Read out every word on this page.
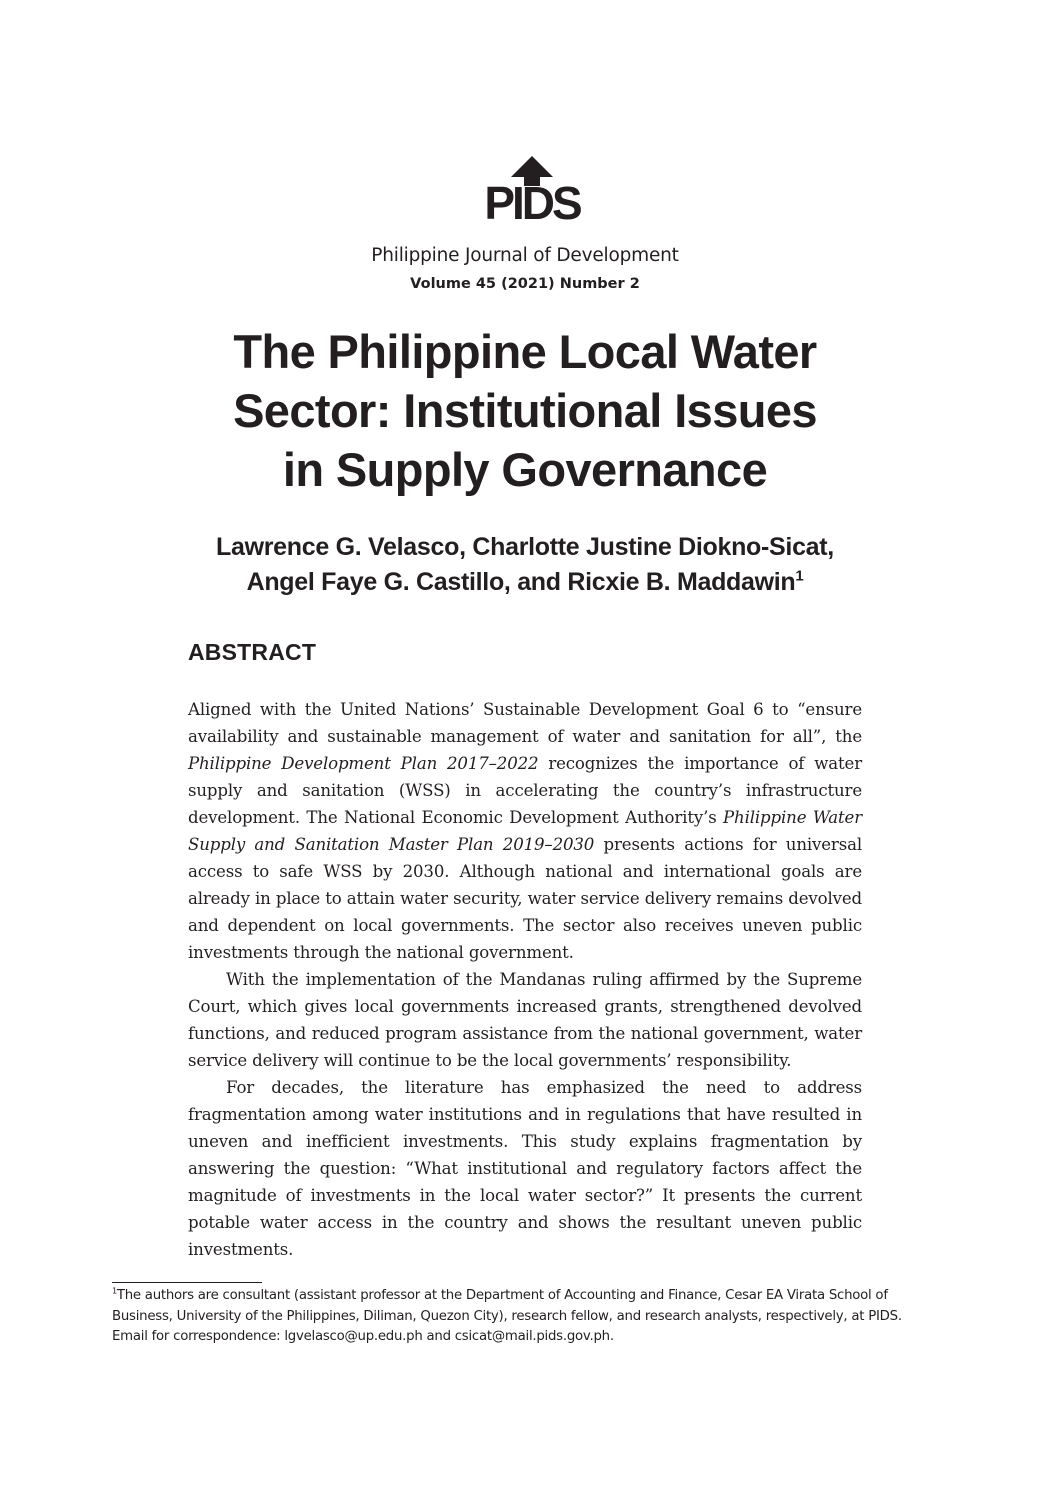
PIDS
Philippine Journal of Development
Volume 45 (2021) Number 2
The Philippine Local Water
Sector: Institutional Issues
in Supply Governance
Lawrence G. Velasco, Charlotte Justine Diokno-Sicat,
Angel Faye G. Castillo, and Ricxie B. Maddawin$^1$
ABSTRACT

Aligned with the United Nations’ Sustainable Development Goal 6 to “ensure availability and sustainable management of water and sanitation for all”, the Philippine Development Plan 2017–2022 recognizes the importance of water supply and sanitation (WSS) in accelerating the country’s infrastructure development. The National Economic Development Authority’s Philippine Water Supply and Sanitation Master Plan 2019–2030 presents actions for universal access to safe WSS by 2030. Although national and international goals are already in place to attain water security, water service delivery remains devolved and dependent on local governments. The sector also receives uneven public investments through the national government.

With the implementation of the Mandanas ruling affirmed by the Supreme Court, which gives local governments increased grants, strengthened devolved functions, and reduced program assistance from the national government, water service delivery will continue to be the local governments’ responsibility.

For decades, the literature has emphasized the need to address fragmentation among water institutions and in regulations that have resulted in uneven and inefficient investments. This study explains fragmentation by answering the question: “What institutional and regulatory factors affect the magnitude of investments in the local water sector?” It presents the current potable water access in the country and shows the resultant uneven public investments.

$^1$The authors are consultant (assistant professor at the Department of Accounting and Finance, Cesar EA Virata School of Business, University of the Philippines, Diliman, Quezon City), research fellow, and research analysts, respectively, at PIDS. Email for correspondence: lgvelasco@up.edu.ph and csicat@mail.pids.gov.ph.
